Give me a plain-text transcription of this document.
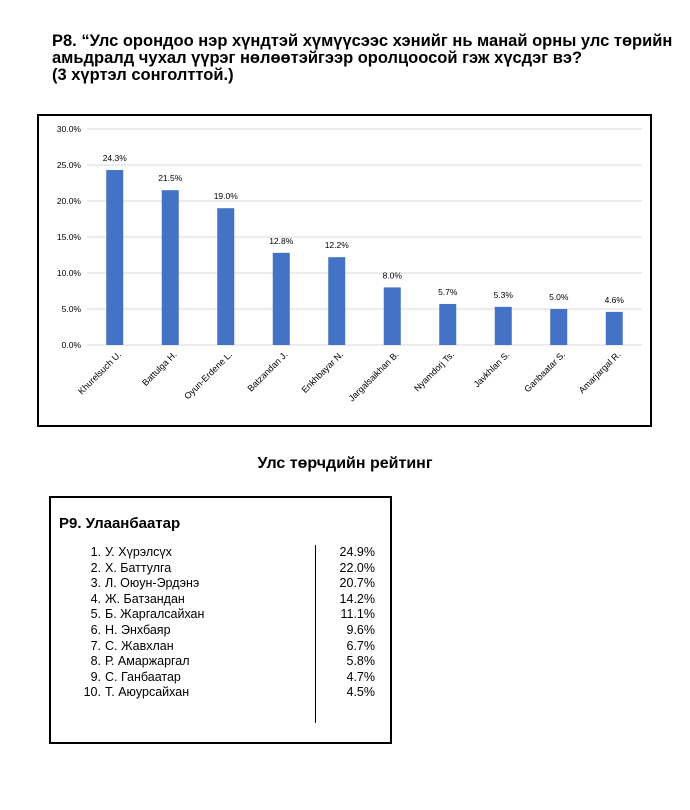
P8. “Улс орондоо нэр хүндтэй хүмүүсээс хэнийг нь манай орны улс төрийн
амьдралд чухал үүрэг нөлөөтэйгээр оролцоосой гэж хүсдэг вэ?
(3 хүртэл сонголттой.)
0.0%
5.0%
10.0%
15.0%
20.0%
25.0%
30.0%
24.3%
Khurelsuch U.
21.5%
Battulga H.
19.0%
Oyun-Erdene L.
12.8%
Batzandan J.
12.2%
Enkhbayar N.
8.0%
Jargalsaikhan B.
5.7%
Nyamdorj Ts.
5.3%
Javkhlan S.
5.0%
Ganbaatar S.
4.6%
Amarjargal R.
Улс төрчдийн рейтинг
P9. Улаанбаатар
1. У. Хүрэлсүх	24.9%
2. Х. Баттулга	22.0%
3. Л. Оюун-Эрдэнэ	20.7%
4. Ж. Батзандан	14.2%
5. Б. Жаргалсайхан	11.1%
6. Н. Энхбаяр	9.6%
7. С. Жавхлан	6.7%
8. Р. Амаржаргал	5.8%
9. С. Ганбаатар	4.7%
10. Т. Аюурсайхан	4.5%
